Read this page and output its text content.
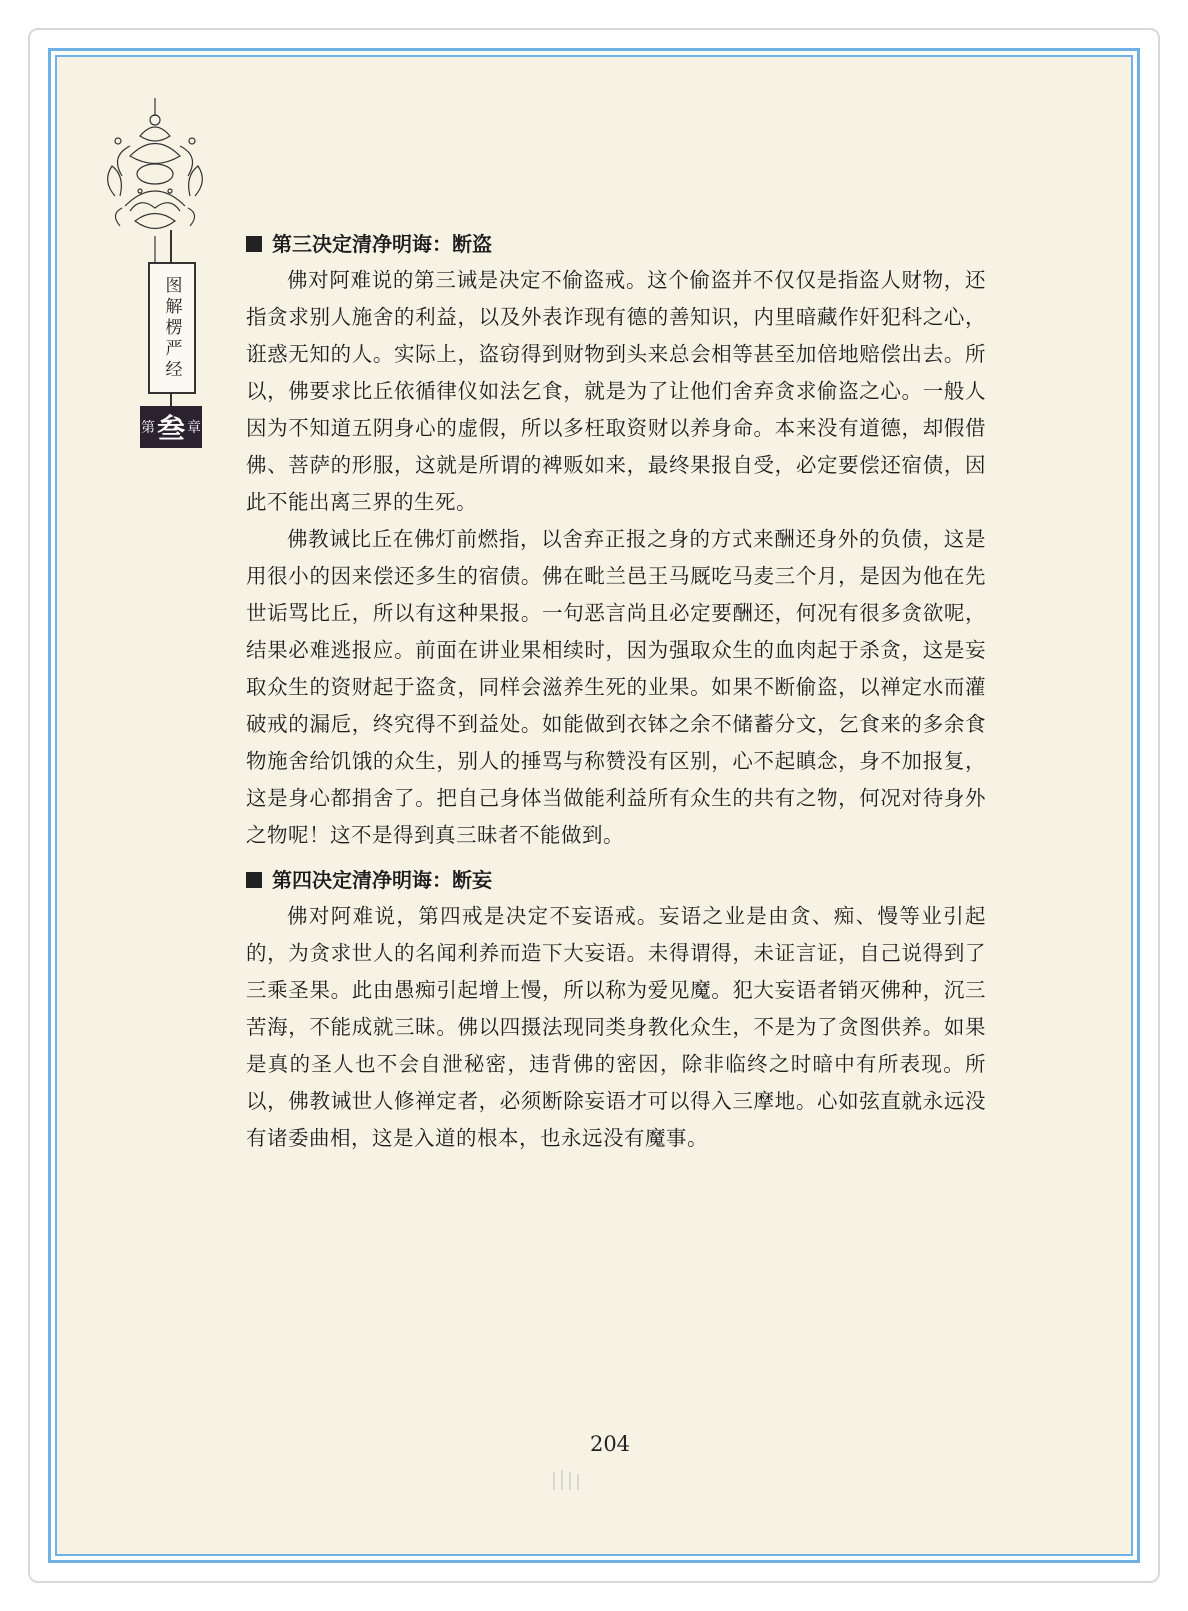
图解楞严经
第 叁 章
第三决定清净明诲：断盗

佛对阿难说的第三诫是决定不偷盗戒。这个偷盗并不仅仅是指盗人财物，还指贪求别人施舍的利益，以及外表诈现有德的善知识，内里暗藏作奸犯科之心，诳惑无知的人。实际上，盗窃得到财物到头来总会相等甚至加倍地赔偿出去。所以，佛要求比丘依循律仪如法乞食，就是为了让他们舍弃贪求偷盗之心。一般人因为不知道五阴身心的虚假，所以多枉取资财以养身命。本来没有道德，却假借佛、菩萨的形服，这就是所谓的裨贩如来，最终果报自受，必定要偿还宿债，因此不能出离三界的生死。

佛教诫比丘在佛灯前燃指，以舍弃正报之身的方式来酬还身外的负债，这是用很小的因来偿还多生的宿债。佛在毗兰邑王马厩吃马麦三个月，是因为他在先世诟骂比丘，所以有这种果报。一句恶言尚且必定要酬还，何况有很多贪欲呢，结果必难逃报应。前面在讲业果相续时，因为强取众生的血肉起于杀贪，这是妄取众生的资财起于盗贪，同样会滋养生死的业果。如果不断偷盗，以禅定水而灌破戒的漏卮，终究得不到益处。如能做到衣钵之余不储蓄分文，乞食来的多余食物施舍给饥饿的众生，别人的捶骂与称赞没有区别，心不起瞋念，身不加报复，这是身心都捐舍了。把自己身体当做能利益所有众生的共有之物，何况对待身外之物呢！这不是得到真三昧者不能做到。

第四决定清净明诲：断妄

佛对阿难说，第四戒是决定不妄语戒。妄语之业是由贪、痴、慢等业引起的，为贪求世人的名闻利养而造下大妄语。未得谓得，未证言证，自己说得到了三乘圣果。此由愚痴引起增上慢，所以称为爱见魔。犯大妄语者销灭佛种，沉三苦海，不能成就三昧。佛以四摄法现同类身教化众生，不是为了贪图供养。如果是真的圣人也不会自泄秘密，违背佛的密因，除非临终之时暗中有所表现。所以，佛教诫世人修禅定者，必须断除妄语才可以得入三摩地。心如弦直就永远没有诸委曲相，这是入道的根本，也永远没有魔事。

204
